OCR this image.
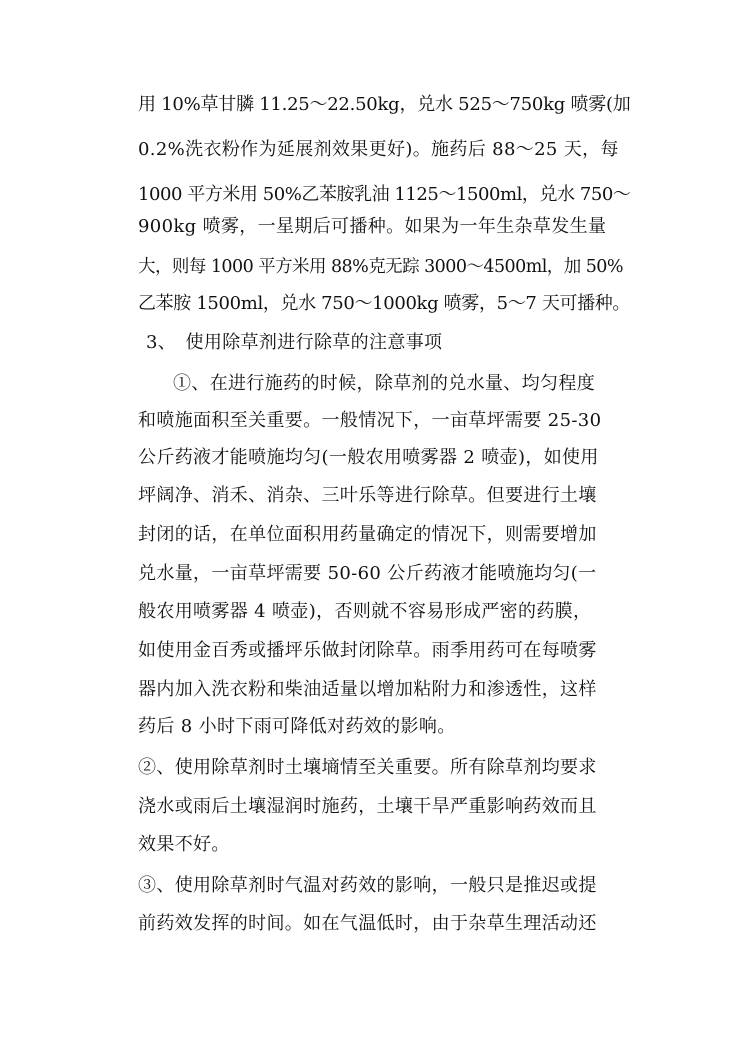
用 10%草甘膦 11.25～22.50kg，兑水 525～750kg 喷雾(加
0.2%洗衣粉作为延展剂效果更好)。施药后 88～25 天，每
1000 平方米用 50%乙苯胺乳油 1125～1500ml，兑水 750～
900kg 喷雾，一星期后可播种。如果为一年生杂草发生量
大，则每 1000 平方米用 88%克无踪 3000～4500ml，加 50%
乙苯胺 1500ml，兑水 750～1000kg 喷雾，5～7 天可播种。
3、　使用除草剂进行除草的注意事项
①、在进行施药的时候，除草剂的兑水量、均匀程度
和喷施面积至关重要。一般情况下，一亩草坪需要 25-30
公斤药液才能喷施均匀(一般农用喷雾器 2 喷壶)，如使用
坪阔净、消禾、消杂、三叶乐等进行除草。但要进行土壤
封闭的话，在单位面积用药量确定的情况下，则需要增加
兑水量，一亩草坪需要 50-60 公斤药液才能喷施均匀(一
般农用喷雾器 4 喷壶)，否则就不容易形成严密的药膜，
如使用金百秀或播坪乐做封闭除草。雨季用药可在每喷雾
器内加入洗衣粉和柴油适量以增加粘附力和渗透性，这样
药后 8 小时下雨可降低对药效的影响。
②、使用除草剂时土壤墒情至关重要。所有除草剂均要求
浇水或雨后土壤湿润时施药，土壤干旱严重影响药效而且
效果不好。
③、使用除草剂时气温对药效的影响，一般只是推迟或提
前药效发挥的时间。如在气温低时，由于杂草生理活动还
